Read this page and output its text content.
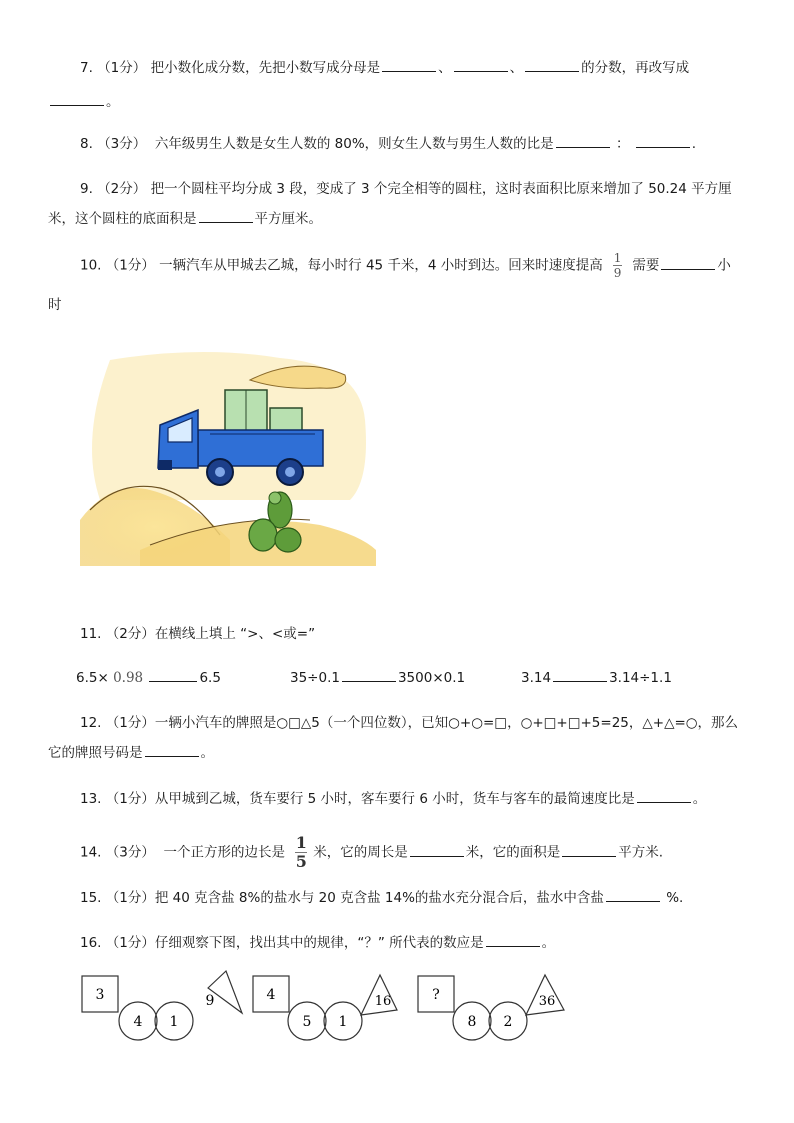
7. （1分） 把小数化成分数，先把小数写成分母是	、	、	的分数，再改写成
。
8. （3分） 六年级男生人数是女生人数的 80%，则女生人数与男生人数的比是	：	.
9. （2分） 把一个圆柱平均分成 3 段，变成了 3 个完全相等的圆柱，这时表面积比原来增加了 50.24 平方厘
米，这个圆柱的底面积是	平方厘米。
10. （1分） 一辆汽车从甲城去乙城，每小时行 45 千米，4 小时到达。回来时速度提高 $\frac{1}{9}$ 需要	小
时
11. （2分）在横线上填上 “>、<或=”
6.5× 0.98	6.5	35÷0.1	3500×0.1	3.14	3.14÷1.1
12. （1分）一辆小汽车的牌照是○□△5（一个四位数），已知○+○=□，○+□+□+5=25，△+△=○，那么
它的牌照号码是	。
13. （1分）从甲城到乙城，货车要行 5 小时，客车要行 6 小时，货车与客车的最简速度比是	。
14. （3分） 一个正方形的边长是 $\frac{1}{5}$ 米，它的周长是	米，它的面积是	平方米.
15. （1分）把 40 克含盐 8%的盐水与 20 克含盐 14%的盐水充分混合后，盐水中含盐	%.
16. （1分）仔细观察下图，找出其中的规律，“？” 所代表的数应是	。
3
4 1
9	4
5 1
16	?
8 2
36
